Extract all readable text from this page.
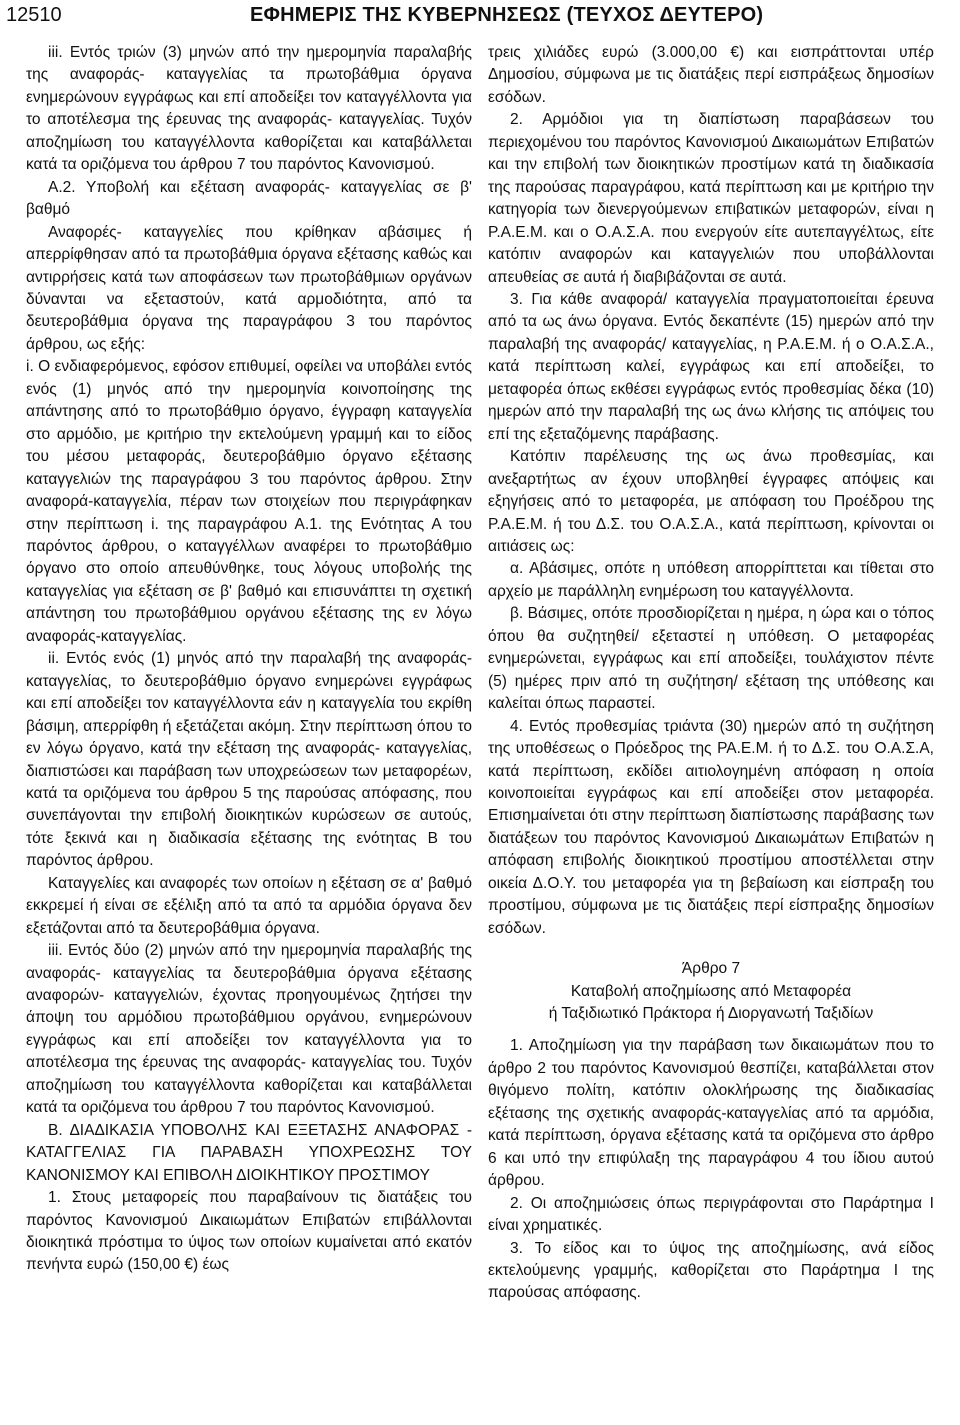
12510	ΕΦΗΜΕΡΙΣ ΤΗΣ ΚΥΒΕΡΝΗΣΕΩΣ (ΤΕΥΧΟΣ ΔΕΥΤΕΡΟ)

iii. Εντός τριών (3) μηνών από την ημερομηνία παραλαβής της αναφοράς- καταγγελίας τα πρωτοβάθμια όργανα ενημερώνουν εγγράφως και επί αποδείξει τον καταγγέλλοντα για το αποτέλεσμα της έρευνας της αναφοράς- καταγγελίας. Τυχόν αποζημίωση του καταγγέλλοντα καθορίζεται και καταβάλλεται κατά τα οριζόμενα του άρθρου 7 του παρόντος Κανονισμού.

Α.2. Υποβολή και εξέταση αναφοράς- καταγγελίας σε β' βαθμό

Αναφορές- καταγγελίες που κρίθηκαν αβάσιμες ή απερρίφθησαν από τα πρωτοβάθμια όργανα εξέτασης καθώς και αντιρρήσεις κατά των αποφάσεων των πρωτοβάθμιων οργάνων δύνανται να εξεταστούν, κατά αρμοδιότητα, από τα δευτεροβάθμια όργανα της παραγράφου 3 του παρόντος άρθρου, ως εξής:

i. Ο ενδιαφερόμενος, εφόσον επιθυμεί, οφείλει να υποβάλει εντός ενός (1) μηνός από την ημερομηνία κοινοποίησης της απάντησης από το πρωτοβάθμιο όργανο, έγγραφη καταγγελία στο αρμόδιο, με κριτήριο την εκτελούμενη γραμμή και το είδος του μέσου μεταφοράς, δευτεροβάθμιο όργανο εξέτασης καταγγελιών της παραγράφου 3 του παρόντος άρθρου. Στην αναφορά-καταγγελία, πέραν των στοιχείων που περιγράφηκαν στην περίπτωση i. της παραγράφου Α.1. της Ενότητας Α του παρόντος άρθρου, ο καταγγέλλων αναφέρει το πρωτοβάθμιο όργανο στο οποίο απευθύνθηκε, τους λόγους υποβολής της καταγγελίας για εξέταση σε β' βαθμό και επισυνάπτει τη σχετική απάντηση του πρωτοβάθμιου οργάνου εξέτασης της εν λόγω αναφοράς-καταγγελίας.

ii. Εντός ενός (1) μηνός από την παραλαβή της αναφοράς- καταγγελίας, το δευτεροβάθμιο όργανο ενημερώνει εγγράφως και επί αποδείξει τον καταγγέλλοντα εάν η καταγγελία του εκρίθη βάσιμη, απερρίφθη ή εξετάζεται ακόμη. Στην περίπτωση όπου το εν λόγω όργανο, κατά την εξέταση της αναφοράς- καταγγελίας, διαπιστώσει και παράβαση των υποχρεώσεων των μεταφορέων, κατά τα οριζόμενα του άρθρου 5 της παρούσας απόφασης, που συνεπάγονται την επιβολή διοικητικών κυρώσεων σε αυτούς, τότε ξεκινά και η διαδικασία εξέτασης της ενότητας Β του παρόντος άρθρου.

Καταγγελίες και αναφορές των οποίων η εξέταση σε α' βαθμό εκκρεμεί ή είναι σε εξέλιξη από τα από τα αρμόδια όργανα δεν εξετάζονται από τα δευτεροβάθμια όργανα.

iii. Εντός δύο (2) μηνών από την ημερομηνία παραλαβής της αναφοράς- καταγγελίας τα δευτεροβάθμια όργανα εξέτασης αναφορών- καταγγελιών, έχοντας προηγουμένως ζητήσει την άποψη του αρμόδιου πρωτοβάθμιου οργάνου, ενημερώνουν εγγράφως και επί αποδείξει τον καταγγέλλοντα για το αποτέλεσμα της έρευνας της αναφοράς- καταγγελίας του. Τυχόν αποζημίωση του καταγγέλλοντα καθορίζεται και καταβάλλεται κατά τα οριζόμενα του άρθρου 7 του παρόντος Κανονισμού.

Β. ΔΙΑΔΙΚΑΣΙΑ ΥΠΟΒΟΛΗΣ ΚΑΙ ΕΞΕΤΑΣΗΣ ΑΝΑΦΟΡΑΣ - ΚΑΤΑΓΓΕΛΙΑΣ ΓΙΑ ΠΑΡΑΒΑΣΗ ΥΠΟΧΡΕΩΣΗΣ ΤΟΥ ΚΑΝΟΝΙΣΜΟΥ ΚΑΙ ΕΠΙΒΟΛΗ ΔΙΟΙΚΗΤΙΚΟΥ ΠΡΟΣΤΙΜΟΥ

1. Στους μεταφορείς που παραβαίνουν τις διατάξεις του παρόντος Κανονισμού Δικαιωμάτων Επιβατών επιβάλλονται διοικητικά πρόστιμα το ύψος των οποίων κυμαίνεται από εκατόν πενήντα ευρώ (150,00 €) έως

τρεις χιλιάδες ευρώ (3.000,00 €) και εισπράττονται υπέρ Δημοσίου, σύμφωνα με τις διατάξεις περί εισπράξεως δημοσίων εσόδων.

2. Αρμόδιοι για τη διαπίστωση παραβάσεων του περιεχομένου του παρόντος Κανονισμού Δικαιωμάτων Επιβατών και την επιβολή των διοικητικών προστίμων κατά τη διαδικασία της παρούσας παραγράφου, κατά περίπτωση και με κριτήριο την κατηγορία των διενεργούμενων επιβατικών μεταφορών, είναι η Ρ.Α.Ε.Μ. και ο Ο.Α.Σ.Α. που ενεργούν είτε αυτεπαγγέλτως, είτε κατόπιν αναφορών και καταγγελιών που υποβάλλονται απευθείας σε αυτά ή διαβιβάζονται σε αυτά.

3. Για κάθε αναφορά/ καταγγελία πραγματοποιείται έρευνα από τα ως άνω όργανα. Εντός δεκαπέντε (15) ημερών από την παραλαβή της αναφοράς/ καταγγελίας, η Ρ.Α.Ε.Μ. ή ο Ο.Α.Σ.Α., κατά περίπτωση καλεί, εγγράφως και επί αποδείξει, το μεταφορέα όπως εκθέσει εγγράφως εντός προθεσμίας δέκα (10) ημερών από την παραλαβή της ως άνω κλήσης τις απόψεις του επί της εξεταζόμενης παράβασης.

Κατόπιν παρέλευσης της ως άνω προθεσμίας, και ανεξαρτήτως αν έχουν υποβληθεί έγγραφες απόψεις και εξηγήσεις από το μεταφορέα, με απόφαση του Προέδρου της Ρ.Α.Ε.Μ. ή του Δ.Σ. του Ο.Α.Σ.Α., κατά περίπτωση, κρίνονται οι αιτιάσεις ως:

α. Αβάσιμες, οπότε η υπόθεση απορρίπτεται και τίθεται στο αρχείο με παράλληλη ενημέρωση του καταγγέλλοντα.

β. Βάσιμες, οπότε προσδιορίζεται η ημέρα, η ώρα και ο τόπος όπου θα συζητηθεί/ εξεταστεί η υπόθεση. Ο μεταφορέας ενημερώνεται, εγγράφως και επί αποδείξει, τουλάχιστον πέντε (5) ημέρες πριν από τη συζήτηση/ εξέταση της υπόθεσης και καλείται όπως παραστεί.

4. Εντός προθεσμίας τριάντα (30) ημερών από τη συζήτηση της υποθέσεως ο Πρόεδρος της ΡΑ.Ε.Μ. ή το Δ.Σ. του Ο.Α.Σ.Α, κατά περίπτωση, εκδίδει αιτιολογημένη απόφαση η οποία κοινοποιείται εγγράφως και επί αποδείξει στον μεταφορέα. Επισημαίνεται ότι στην περίπτωση διαπίστωσης παράβασης των διατάξεων του παρόντος Κανονισμού Δικαιωμάτων Επιβατών η απόφαση επιβολής διοικητικού προστίμου αποστέλλεται στην οικεία Δ.Ο.Υ. του μεταφορέα για τη βεβαίωση και είσπραξη του προστίμου, σύμφωνα με τις διατάξεις περί είσπραξης δημοσίων εσόδων.

Άρθρο 7

Καταβολή αποζημίωσης από Μεταφορέα

ή Ταξιδιωτικό Πράκτορα ή Διοργανωτή Ταξιδίων

1. Αποζημίωση για την παράβαση των δικαιωμάτων που το άρθρο 2 του παρόντος Κανονισμού θεσπίζει, καταβάλλεται στον θιγόμενο πολίτη, κατόπιν ολοκλήρωσης της διαδικασίας εξέτασης της σχετικής αναφοράς-καταγγελίας από τα αρμόδια, κατά περίπτωση, όργανα εξέτασης κατά τα οριζόμενα στο άρθρο 6 και υπό την επιφύλαξη της παραγράφου 4 του ίδιου αυτού άρθρου.

2. Οι αποζημιώσεις όπως περιγράφονται στο Παράρτημα Ι είναι χρηματικές.

3. Το είδος και το ύψος της αποζημίωσης, ανά είδος εκτελούμενης γραμμής, καθορίζεται στο Παράρτημα Ι της παρούσας απόφασης.
